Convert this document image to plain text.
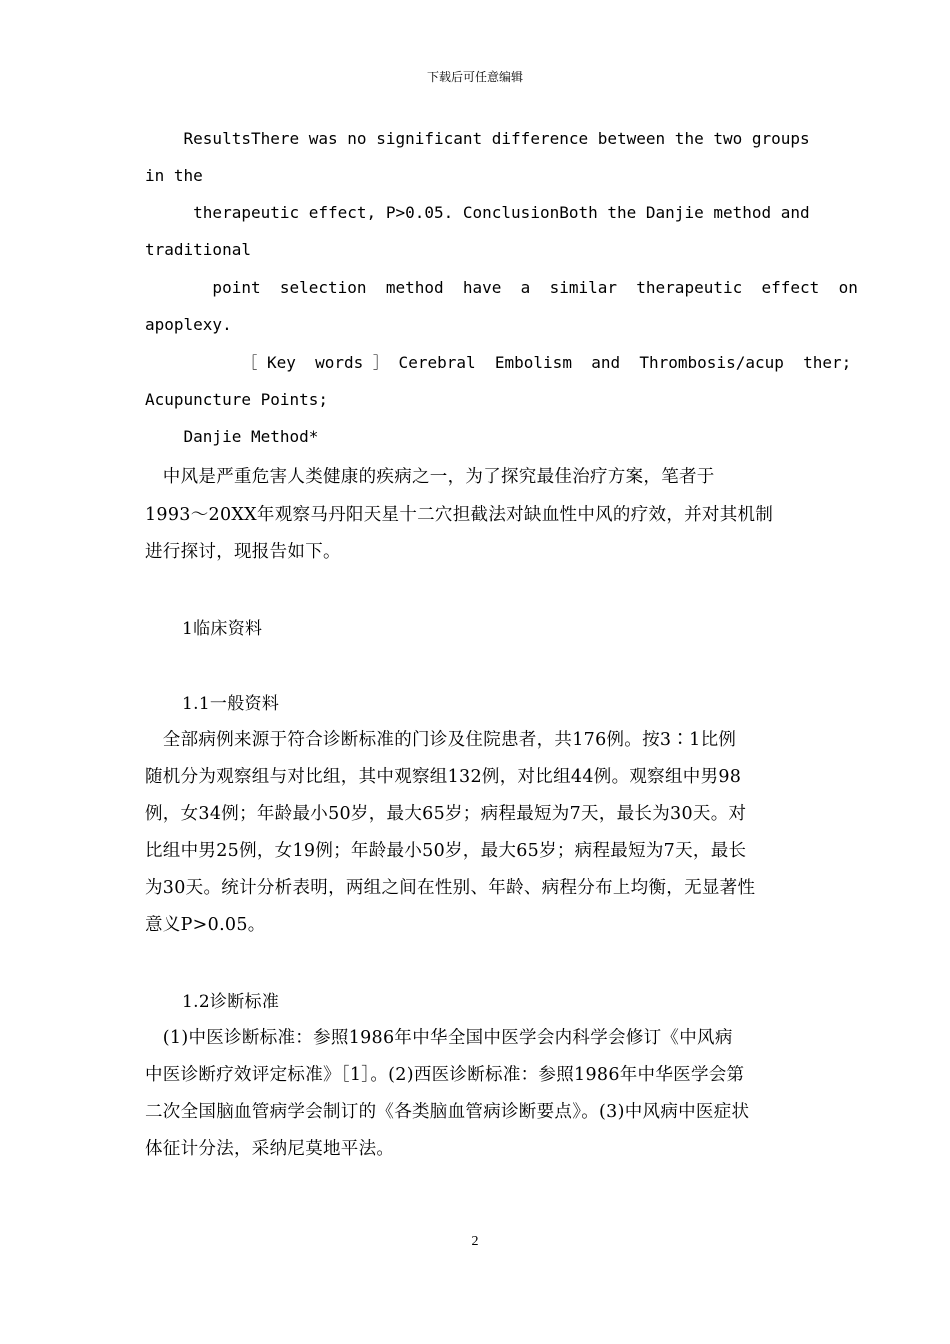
下载后可任意编辑
ResultsThere was no significant difference between the two groups
in the
therapeutic effect, P>0.05. ConclusionBoth the Danjie method and
traditional
point  selection  method  have  a  similar  therapeutic  effect  on
apoplexy.
［ Key  words ］ Cerebral  Embolism  and  Thrombosis/acup  ther;
Acupuncture Points;
Danjie Method*
　中风是严重危害人类健康的疾病之一，为了探究最佳治疗方案，笔者于
1993～20XX年观察马丹阳天星十二穴担截法对缺血性中风的疗效，并对其机制
进行探讨，现报告如下。
1临床资料
1.1一般资料
　全部病例来源于符合诊断标准的门诊及住院患者，共176例。按3∶1比例
随机分为观察组与对比组，其中观察组132例，对比组44例。观察组中男98
例，女34例；年龄最小50岁，最大65岁；病程最短为7天，最长为30天。对
比组中男25例，女19例；年龄最小50岁，最大65岁；病程最短为7天，最长
为30天。统计分析表明，两组之间在性别、年龄、病程分布上均衡，无显著性
意义P>0.05。
1.2诊断标准
　(1)中医诊断标准：参照1986年中华全国中医学会内科学会修订《中风病
中医诊断疗效评定标准》［1］。(2)西医诊断标准：参照1986年中华医学会第
二次全国脑血管病学会制订的《各类脑血管病诊断要点》。(3)中风病中医症状
体征计分法，采纳尼莫地平法。
2
